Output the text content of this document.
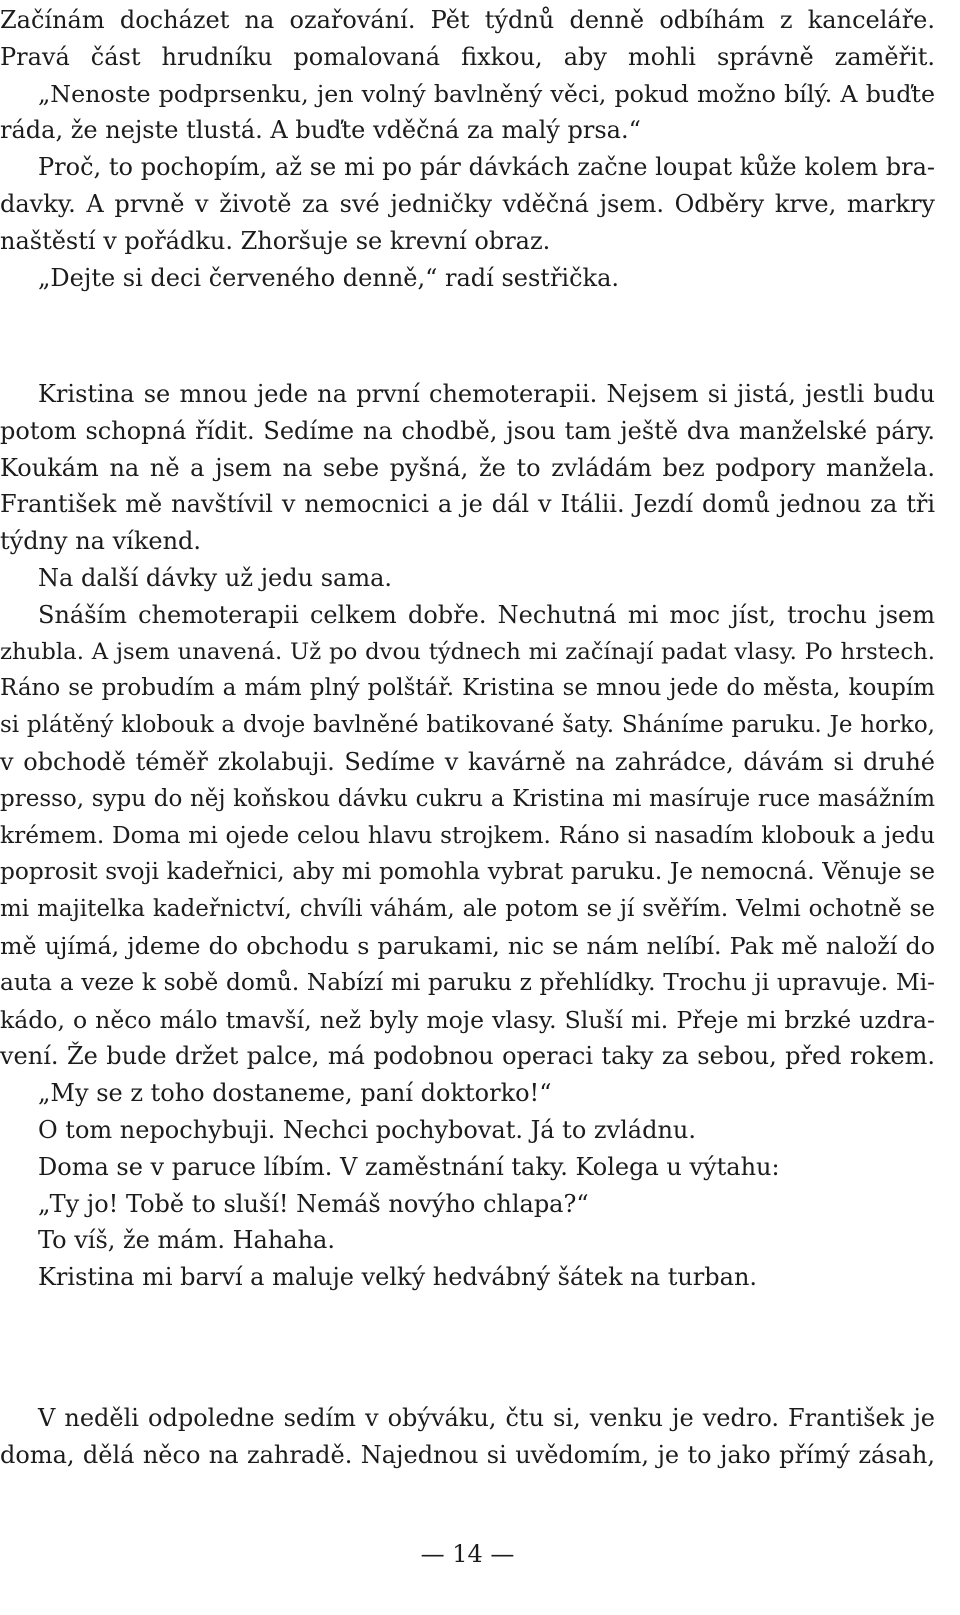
Začínám docházet na ozařování. Pět týdnů denně odbíhám z kanceláře.
Pravá část hrudníku pomalovaná fixkou, aby mohli správně zaměřit.
„Nenoste podprsenku, jen volný bavlněný věci, pokud možno bílý. A buďte
ráda, že nejste tlustá. A buďte vděčná za malý prsa.“
Proč, to pochopím, až se mi po pár dávkách začne loupat kůže kolem bra-
davky. A prvně v životě za své jedničky vděčná jsem. Odběry krve, markry
naštěstí v pořádku. Zhoršuje se krevní obraz.
„Dejte si deci červeného denně,“ radí sestřička.
Kristina se mnou jede na první chemoterapii. Nejsem si jistá, jestli budu
potom schopná řídit. Sedíme na chodbě, jsou tam ještě dva manželské páry.
Koukám na ně a jsem na sebe pyšná, že to zvládám bez podpory manžela.
František mě navštívil v nemocnici a je dál v Itálii. Jezdí domů jednou za tři
týdny na víkend.
Na další dávky už jedu sama.
Snáším chemoterapii celkem dobře. Nechutná mi moc jíst, trochu jsem
zhubla. A jsem unavená. Už po dvou týdnech mi začínají padat vlasy. Po hrstech.
Ráno se probudím a mám plný polštář. Kristina se mnou jede do města, koupím
si plátěný klobouk a dvoje bavlněné batikované šaty. Sháníme paruku. Je horko,
v obchodě téměř zkolabuji. Sedíme v kavárně na zahrádce, dávám si druhé
presso, sypu do něj koňskou dávku cukru a Kristina mi masíruje ruce masážním
krémem. Doma mi ojede celou hlavu strojkem. Ráno si nasadím klobouk a jedu
poprosit svoji kadeřnici, aby mi pomohla vybrat paruku. Je nemocná. Věnuje se
mi majitelka kadeřnictví, chvíli váhám, ale potom se jí svěřím. Velmi ochotně se
mě ujímá, jdeme do obchodu s parukami, nic se nám nelíbí. Pak mě naloží do
auta a veze k sobě domů. Nabízí mi paruku z přehlídky. Trochu ji upravuje. Mi-
kádo, o něco málo tmavší, než byly moje vlasy. Sluší mi. Přeje mi brzké uzdra-
vení. Že bude držet palce, má podobnou operaci taky za sebou, před rokem.
„My se z toho dostaneme, paní doktorko!“
O tom nepochybuji. Nechci pochybovat. Já to zvládnu.
Doma se v paruce líbím. V zaměstnání taky. Kolega u výtahu:
„Ty jo! Tobě to sluší! Nemáš novýho chlapa?“
To víš, že mám. Hahaha.
Kristina mi barví a maluje velký hedvábný šátek na turban.
V neděli odpoledne sedím v obýváku, čtu si, venku je vedro. František je
doma, dělá něco na zahradě. Najednou si uvědomím, je to jako přímý zásah,
— 14 —
